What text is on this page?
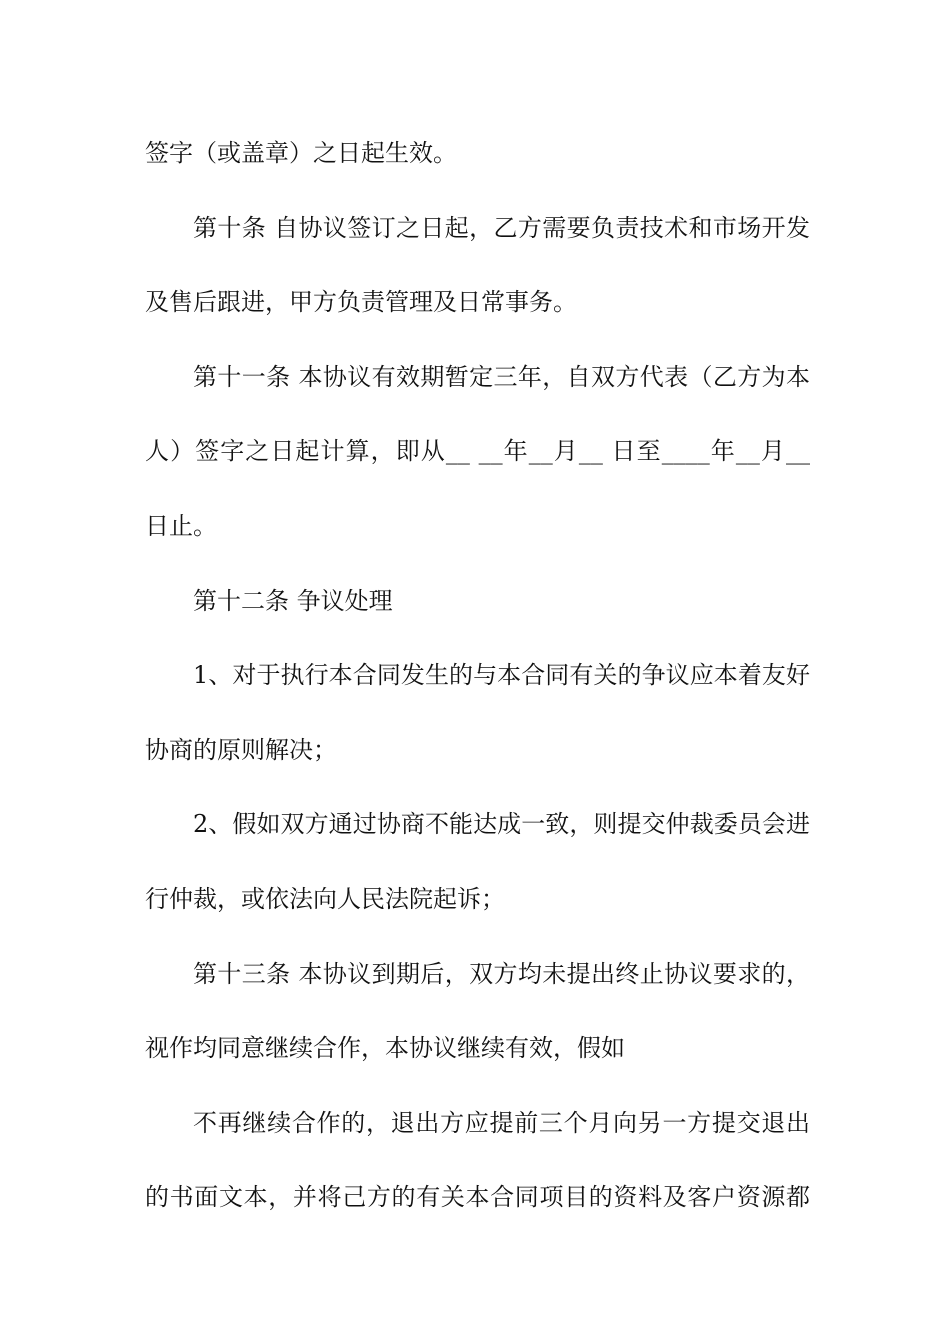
签字（或盖章）之日起生效。
第十条 自协议签订之日起，乙方需要负责技术和市场开发
及售后跟进，甲方负责管理及日常事务。
第十一条 本协议有效期暂定三年，自双方代表（乙方为本
人）签字之日起计算，即从__ __年__月__ 日至____年__月__
日止。
第十二条 争议处理
1、对于执行本合同发生的与本合同有关的争议应本着友好
协商的原则解决；
2、假如双方通过协商不能达成一致，则提交仲裁委员会进
行仲裁，或依法向人民法院起诉；
第十三条 本协议到期后，双方均未提出终止协议要求的，
视作均同意继续合作，本协议继续有效，假如
不再继续合作的，退出方应提前三个月向另一方提交退出
的书面文本，并将己方的有关本合同项目的资料及客户资源都
